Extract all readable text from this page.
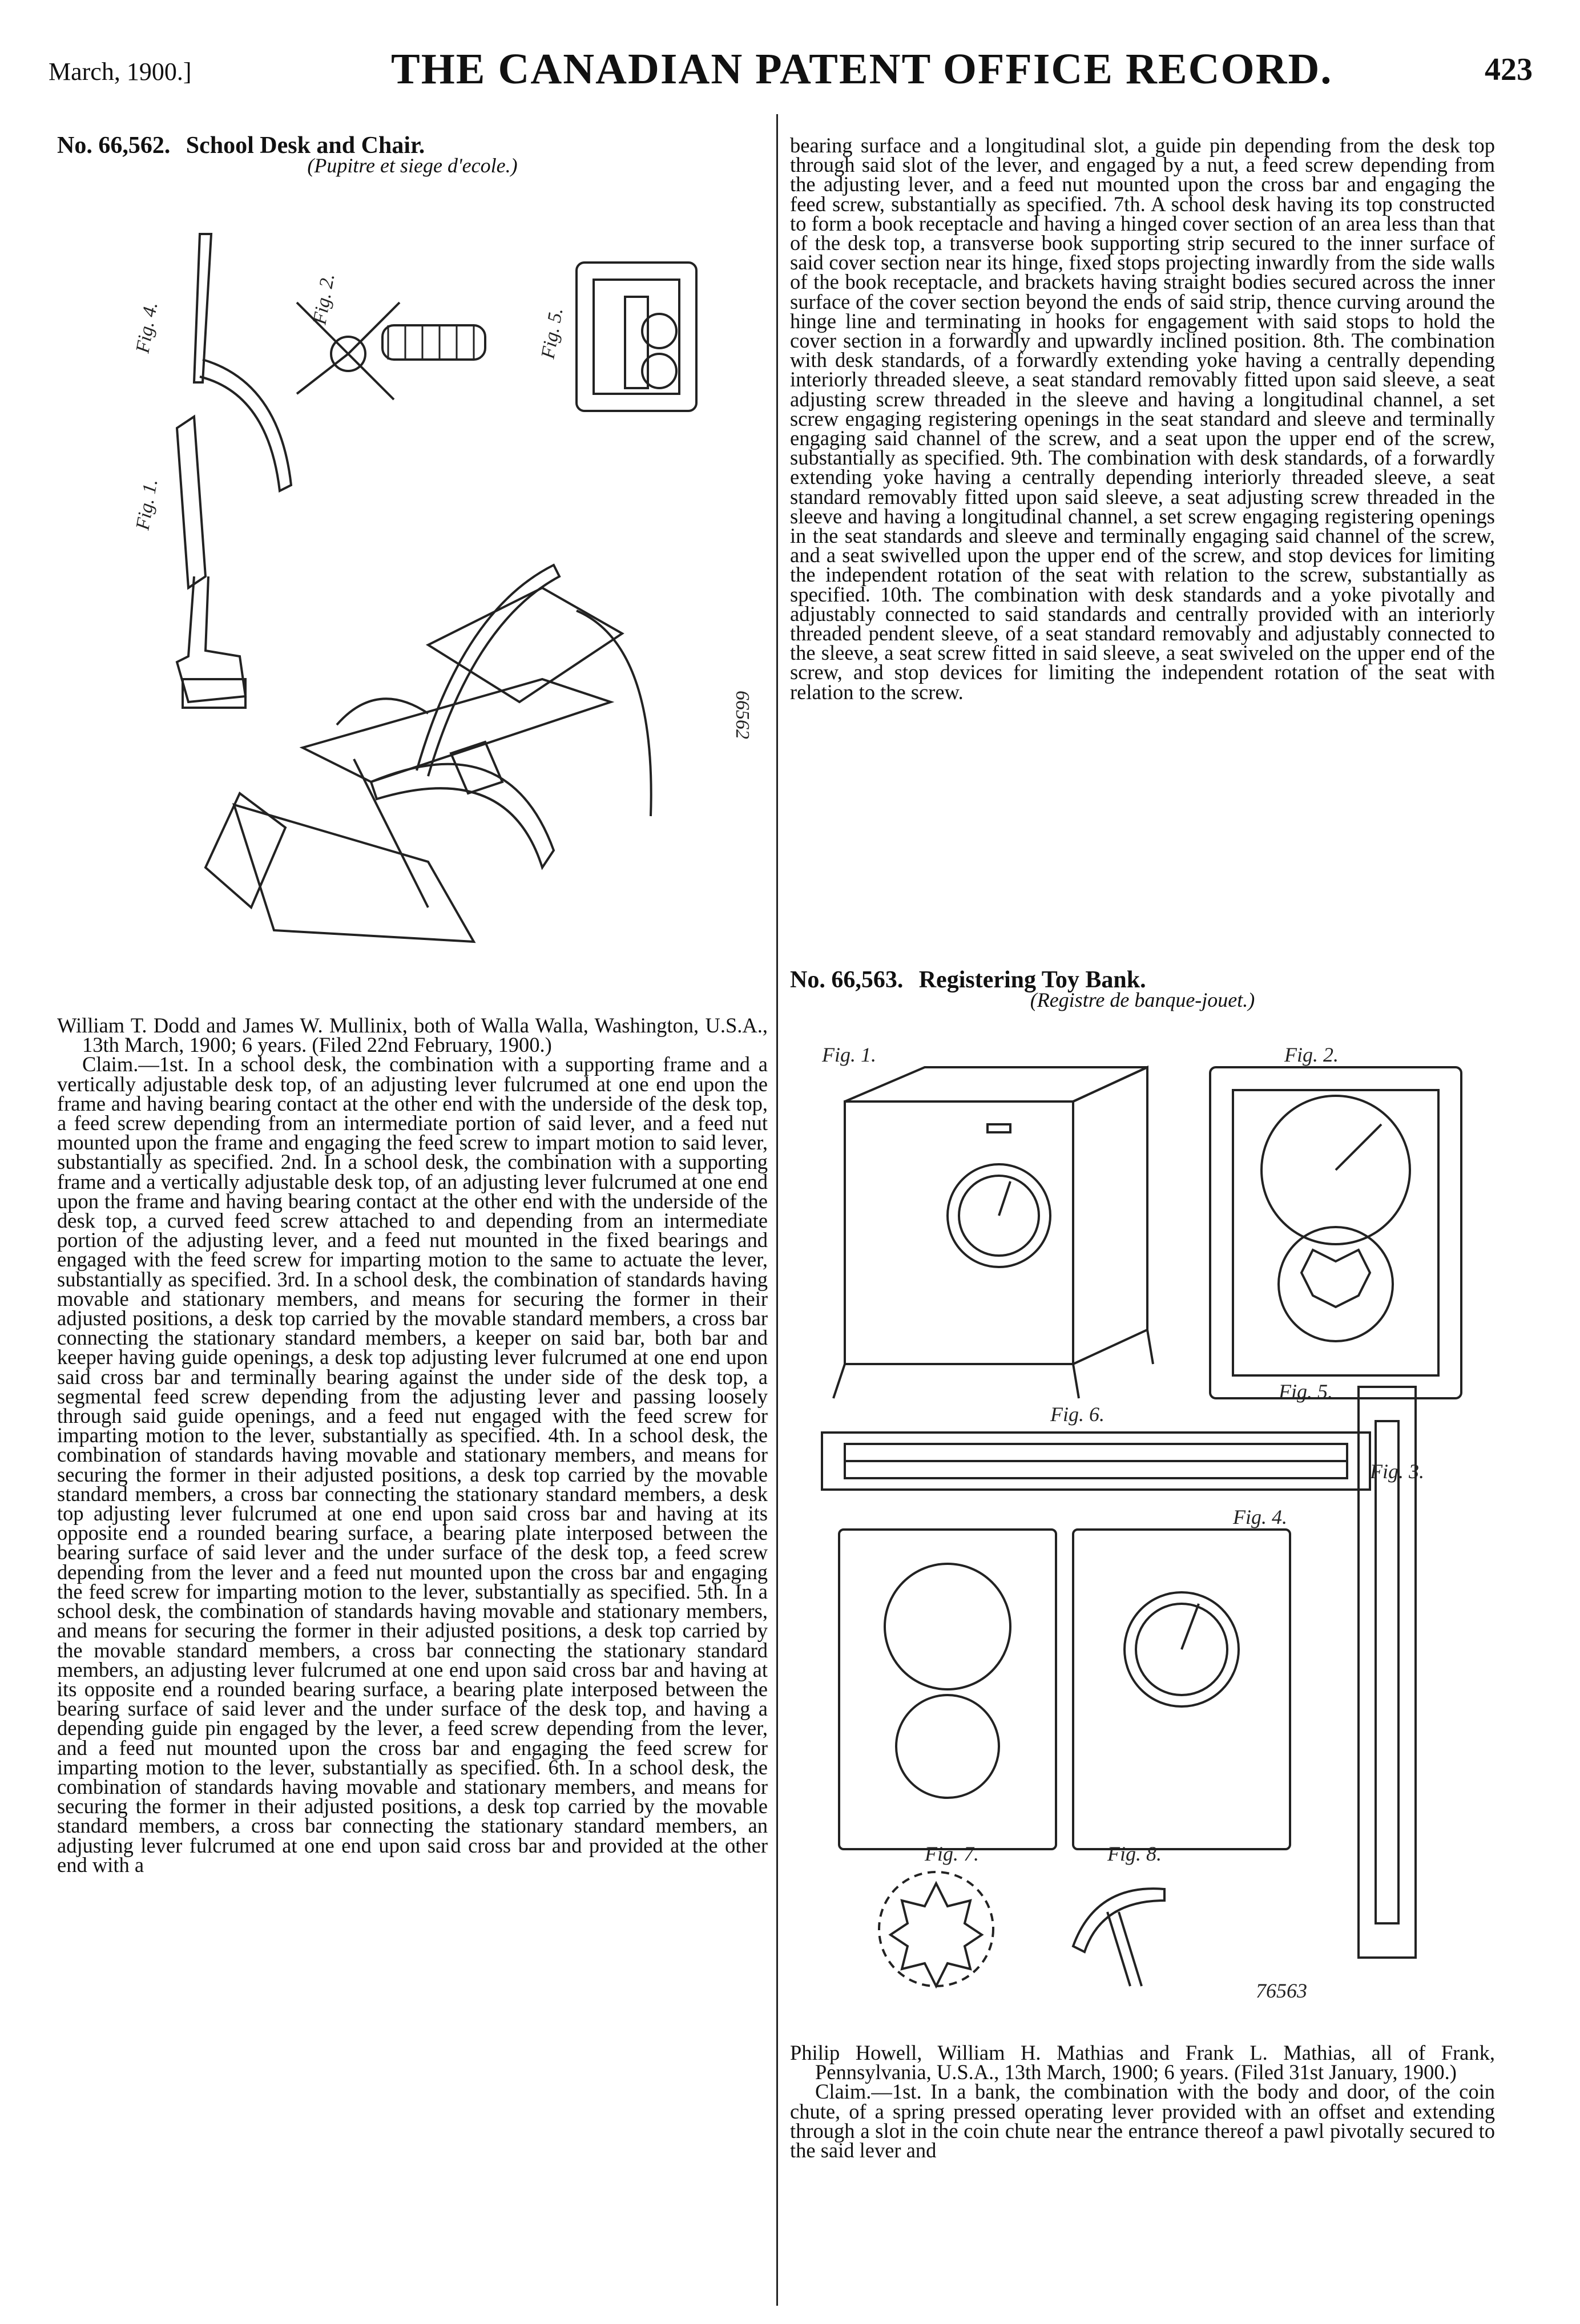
March, 1900.]	THE CANADIAN PATENT OFFICE RECORD.	423

No. 66,562. School Desk and Chair.

(Pupitre et siege d'ecole.)

Fig. 1.
Fig. 4.
Fig. 2.
Fig. 5.
66562

William T. Dodd and James W. Mullinix, both of Walla Walla, Washington, U.S.A., 13th March, 1900; 6 years. (Filed 22nd February, 1900.)

Claim.—1st. In a school desk, the combination with a supporting frame and a vertically adjustable desk top, of an adjusting lever fulcrumed at one end upon the frame and having bearing contact at the other end with the underside of the desk top, a feed screw depending from an intermediate portion of said lever, and a feed nut mounted upon the frame and engaging the feed screw to impart motion to said lever, substantially as specified. 2nd. In a school desk, the combination with a supporting frame and a vertically adjustable desk top, of an adjusting lever fulcrumed at one end upon the frame and having bearing contact at the other end with the underside of the desk top, a curved feed screw attached to and depending from an intermediate portion of the adjusting lever, and a feed nut mounted in the fixed bearings and engaged with the feed screw for imparting motion to the same to actuate the lever, substantially as specified. 3rd. In a school desk, the combination of standards having movable and stationary members, and means for securing the former in their adjusted positions, a desk top carried by the movable standard members, a cross bar connecting the stationary standard members, a keeper on said bar, both bar and keeper having guide openings, a desk top adjusting lever fulcrumed at one end upon said cross bar and terminally bearing against the under side of the desk top, a segmental feed screw depending from the adjusting lever and passing loosely through said guide openings, and a feed nut engaged with the feed screw for imparting motion to the lever, substantially as specified. 4th. In a school desk, the combination of standards having movable and stationary members, and means for securing the former in their adjusted positions, a desk top carried by the movable standard members, a cross bar connecting the stationary standard members, a desk top adjusting lever fulcrumed at one end upon said cross bar and having at its opposite end a rounded bearing surface, a bearing plate interposed between the bearing surface of said lever and the under surface of the desk top, a feed screw depending from the lever and a feed nut mounted upon the cross bar and engaging the feed screw for imparting motion to the lever, substantially as specified. 5th. In a school desk, the combination of standards having movable and stationary members, and means for securing the former in their adjusted positions, a desk top carried by the movable standard members, a cross bar connecting the stationary standard members, an adjusting lever fulcrumed at one end upon said cross bar and having at its opposite end a rounded bearing surface, a bearing plate interposed between the bearing surface of said lever and the under surface of the desk top, and having a depending guide pin engaged by the lever, a feed screw depending from the lever, and a feed nut mounted upon the cross bar and engaging the feed screw for imparting motion to the lever, substantially as specified. 6th. In a school desk, the combination of standards having movable and stationary members, and means for securing the former in their adjusted positions, a desk top carried by the movable standard members, a cross bar connecting the stationary standard members, an adjusting lever fulcrumed at one end upon said cross bar and provided at the other end with a

bearing surface and a longitudinal slot, a guide pin depending from the desk top through said slot of the lever, and engaged by a nut, a feed screw depending from the adjusting lever, and a feed nut mounted upon the cross bar and engaging the feed screw, substantially as specified. 7th. A school desk having its top constructed to form a book receptacle and having a hinged cover section of an area less than that of the desk top, a transverse book supporting strip secured to the inner surface of said cover section near its hinge, fixed stops projecting inwardly from the side walls of the book receptacle, and brackets having straight bodies secured across the inner surface of the cover section beyond the ends of said strip, thence curving around the hinge line and terminating in hooks for engagement with said stops to hold the cover section in a forwardly and upwardly inclined position. 8th. The combination with desk standards, of a forwardly extending yoke having a centrally depending interiorly threaded sleeve, a seat standard removably fitted upon said sleeve, a seat adjusting screw threaded in the sleeve and having a longitudinal channel, a set screw engaging registering openings in the seat standard and sleeve and terminally engaging said channel of the screw, and a seat upon the upper end of the screw, substantially as specified. 9th. The combination with desk standards, of a forwardly extending yoke having a centrally depending interiorly threaded sleeve, a seat standard removably fitted upon said sleeve, a seat adjusting screw threaded in the sleeve and having a longitudinal channel, a set screw engaging registering openings in the seat standards and sleeve and terminally engaging said channel of the screw, and a seat swivelled upon the upper end of the screw, and stop devices for limiting the independent rotation of the seat with relation to the screw, substantially as specified. 10th. The combination with desk standards and a yoke pivotally and adjustably connected to said standards and centrally provided with an interiorly threaded pendent sleeve, of a seat standard removably and adjustably connected to the sleeve, a seat screw fitted in said sleeve, a seat swiveled on the upper end of the screw, and stop devices for limiting the independent rotation of the seat with relation to the screw.

No. 66,563. Registering Toy Bank.

(Registre de banque-jouet.)

Fig. 1.	Fig. 2.
Fig. 6.
Fig. 5.
Fig. 3.
Fig. 4.
Fig. 7.	Fig. 8.
76563

Philip Howell, William H. Mathias and Frank L. Mathias, all of Frank, Pennsylvania, U.S.A., 13th March, 1900; 6 years. (Filed 31st January, 1900.)

Claim.—1st. In a bank, the combination with the body and door, of the coin chute, of a spring pressed operating lever provided with an offset and extending through a slot in the coin chute near the entrance thereof a pawl pivotally secured to the said lever and
